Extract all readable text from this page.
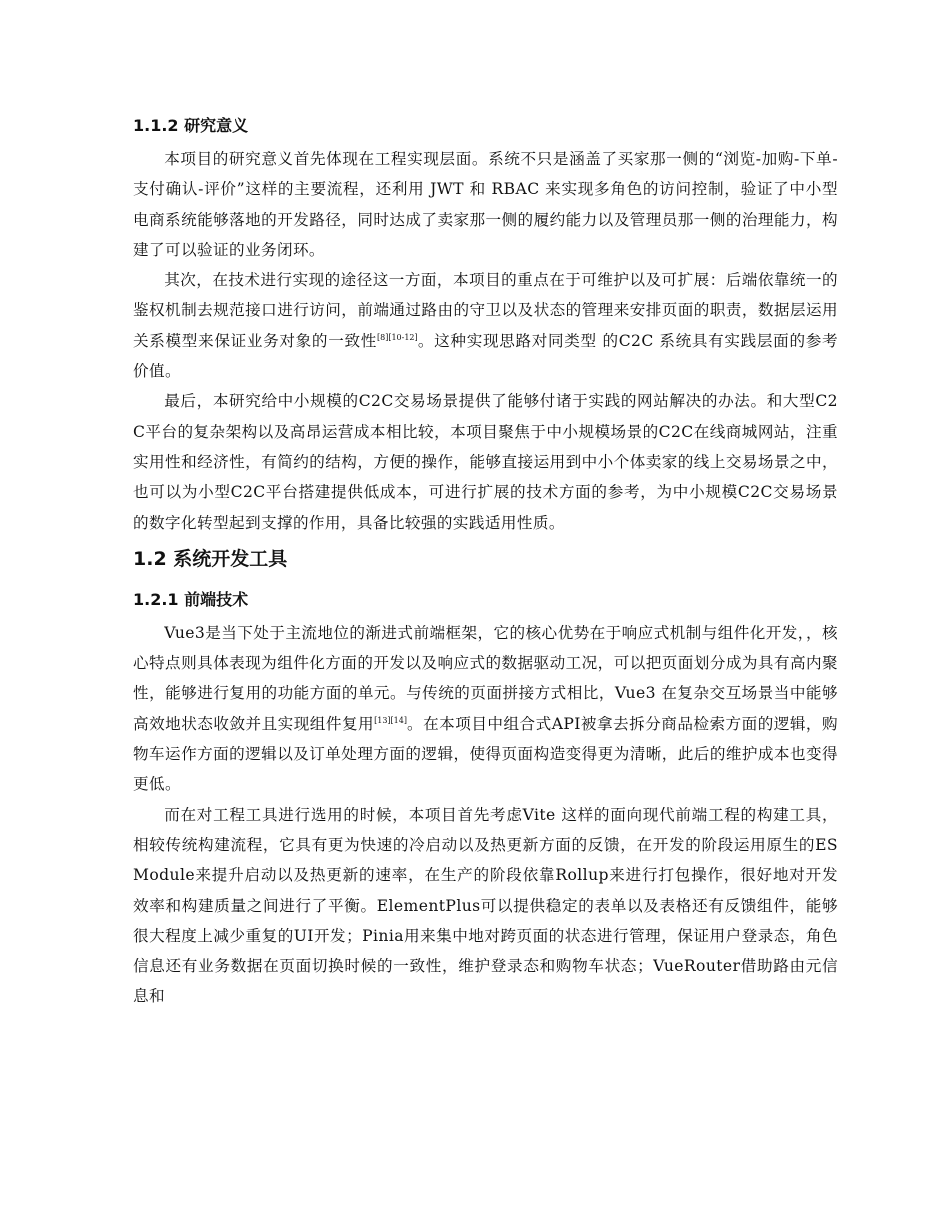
1.1.2 研究意义

本项目的研究意义首先体现在工程实现层面。系统不只是涵盖了买家那一侧的“浏览-加购-下单-支付确认-评价”这样的主要流程，还利用 JWT 和 RBAC 来实现多角色的访问控制，验证了中小型电商系统能够落地的开发路径，同时达成了卖家那一侧的履约能力以及管理员那一侧的治理能力，构建了可以验证的业务闭环。

其次，在技术进行实现的途径这一方面，本项目的重点在于可维护以及可扩展：后端依靠统一的鉴权机制去规范接口进行访问，前端通过路由的守卫以及状态的管理来安排页面的职责，数据层运用关系模型来保证业务对象的一致性[8][10-12]。这种实现思路对同类型 的C2C 系统具有实践层面的参考价值。

最后，本研究给中小规模的C2C交易场景提供了能够付诸于实践的网站解决的办法。和大型C2C平台的复杂架构以及高昂运营成本相比较，本项目聚焦于中小规模场景的C2C在线商城网站，注重实用性和经济性，有简约的结构，方便的操作，能够直接运用到中小个体卖家的线上交易场景之中，也可以为小型C2C平台搭建提供低成本，可进行扩展的技术方面的参考，为中小规模C2C交易场景的数字化转型起到支撑的作用，具备比较强的实践适用性质。

1.2 系统开发工具
1.2.1 前端技术

Vue3是当下处于主流地位的渐进式前端框架，它的核心优势在于响应式机制与组件化开发，，核心特点则具体表现为组件化方面的开发以及响应式的数据驱动工况，可以把页面划分成为具有高内聚性，能够进行复用的功能方面的单元。与传统的页面拼接方式相比，Vue3 在复杂交互场景当中能够高效地状态收敛并且实现组件复用[13][14]。在本项目中组合式API被拿去拆分商品检索方面的逻辑，购物车运作方面的逻辑以及订单处理方面的逻辑，使得页面构造变得更为清晰，此后的维护成本也变得更低。

而在对工程工具进行选用的时候，本项目首先考虑Vite 这样的面向现代前端工程的构建工具，相较传统构建流程，它具有更为快速的冷启动以及热更新方面的反馈，在开发的阶段运用原生的ESModule来提升启动以及热更新的速率，在生产的阶段依靠Rollup来进行打包操作，很好地对开发效率和构建质量之间进行了平衡。ElementPlus可以提供稳定的表单以及表格还有反馈组件，能够很大程度上减少重复的UI开发；Pinia用来集中地对跨页面的状态进行管理，保证用户登录态，角色信息还有业务数据在页面切换时候的一致性，维护登录态和购物车状态；VueRouter借助路由元信息和
